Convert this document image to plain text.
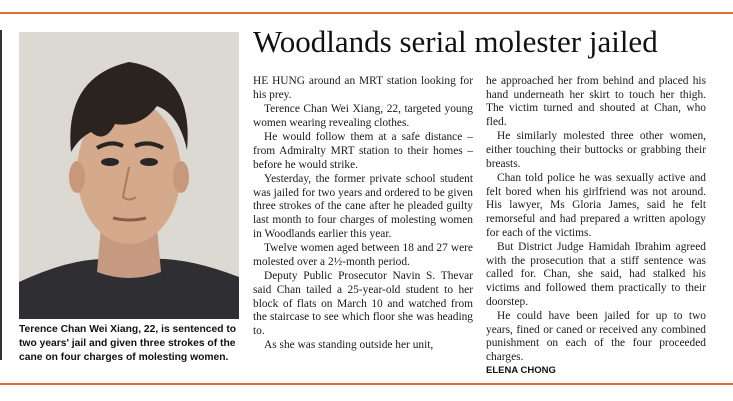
Terence Chan Wei Xiang, 22, is sentenced to two years' jail and given three strokes of the cane on four charges of molesting women.
Woodlands serial molester jailed

HE HUNG around an MRT station looking for his prey.

Terence Chan Wei Xiang, 22, targeted young women wearing revealing clothes.

He would follow them at a safe distance – from Admiralty MRT station to their homes – before he would strike.

Yesterday, the former private school student was jailed for two years and ordered to be given three strokes of the cane after he pleaded guilty last month to four charges of molesting women in Woodlands earlier this year.

Twelve women aged between 18 and 27 were molested over a 2½-month period.

Deputy Public Prosecutor Navin S. Thevar said Chan tailed a 25-year-old student to her block of flats on March 10 and watched from the staircase to see which floor she was heading to.

As she was standing outside her unit,

he approached her from behind and placed his hand underneath her skirt to touch her thigh. The victim turned and shouted at Chan, who fled.

He similarly molested three other women, either touching their buttocks or grabbing their breasts.

Chan told police he was sexually active and felt bored when his girlfriend was not around. His lawyer, Ms Gloria James, said he felt remorseful and had prepared a written apology for each of the victims.

But District Judge Hamidah Ibrahim agreed with the prosecution that a stiff sentence was called for. Chan, she said, had stalked his victims and followed them practically to their doorstep.

He could have been jailed for up to two years, fined or caned or received any combined punishment on each of the four proceeded charges.

ELENA CHONG
